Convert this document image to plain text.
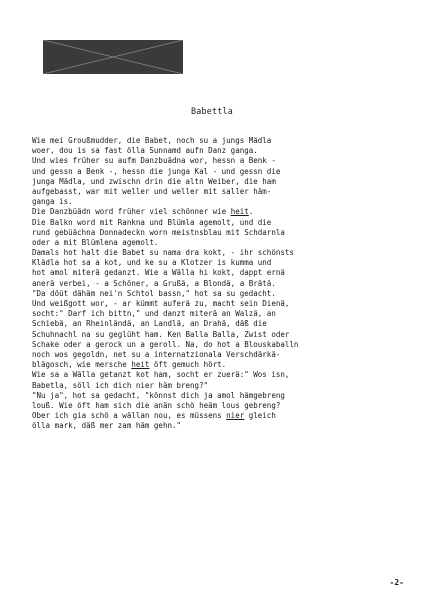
Babettla
Wie mei Groußmudder, die Babet, noch su a jungs Mädla
woer, dou is sa fast ölla Sunnamd aufn Danz ganga.
Und wies früher su aufm Danzbuädna wor, hessn a Benk -
und gessn a Benk -, hessn die junga Kal - und gessn die
junga Mädla, und zwischn drin die altn Weiber, die ham
aufgebasst, war mit weller und weller mit saller häm-
ganga is.
Die Danzbüädn word früher viel schönner wie heit.
Die Balkn word mit Rankna und Blümla agemolt, und die
rund gebüächna Donnadeckn worn meistnsblau mit Schdarnla
oder a mit Blümlena agemolt.
Damals hot halt die Babet su nama dra kokt, - ihr schönsts
Klädla hot sa a kot, und ke su a Klotzer is kumma und
hot amol miterä gedanzt. Wie a Wälla hi kokt, dappt ernä
anerä verbei, - a Schöner, a Grußä, a Blondä, a Brätä.
"Da döüt dähäm nei'n Schtol bassn," hot sa su gedacht.
Und weißgott wor, - ar kümmt auferä zu, macht sein Dienä,
socht:" Darf ich bittn," und danzt miterä an Walzä, an
Schiebä, an Rheinländä, an Landlä, an Drahä, däß die
Schuhnachl na su geglüht ham. Ken Balla Balla, Zwist oder
Schake oder a gerock un a geroll. Na, do hot a Blouskaballn
noch wos gegoldn, net su a internatzionala Verschdärkä-
blägosch, wie mersche heit öft gemuch hört.
Wie sa a Wälla getanzt kot ham, socht er zuerä:" Wos isn,
Babetla, söll ich dich nier häm breng?"
"Nu ja", hot sa gedacht, "könnst dich ja amol hämgebreng
louß. Wie öft ham sich die anän schö heäm lous gebreng?
Ober ich gia schö a wällan nou, es müssens nier gleich
ölla mark, däß mer zam häm gehn."
-2-
